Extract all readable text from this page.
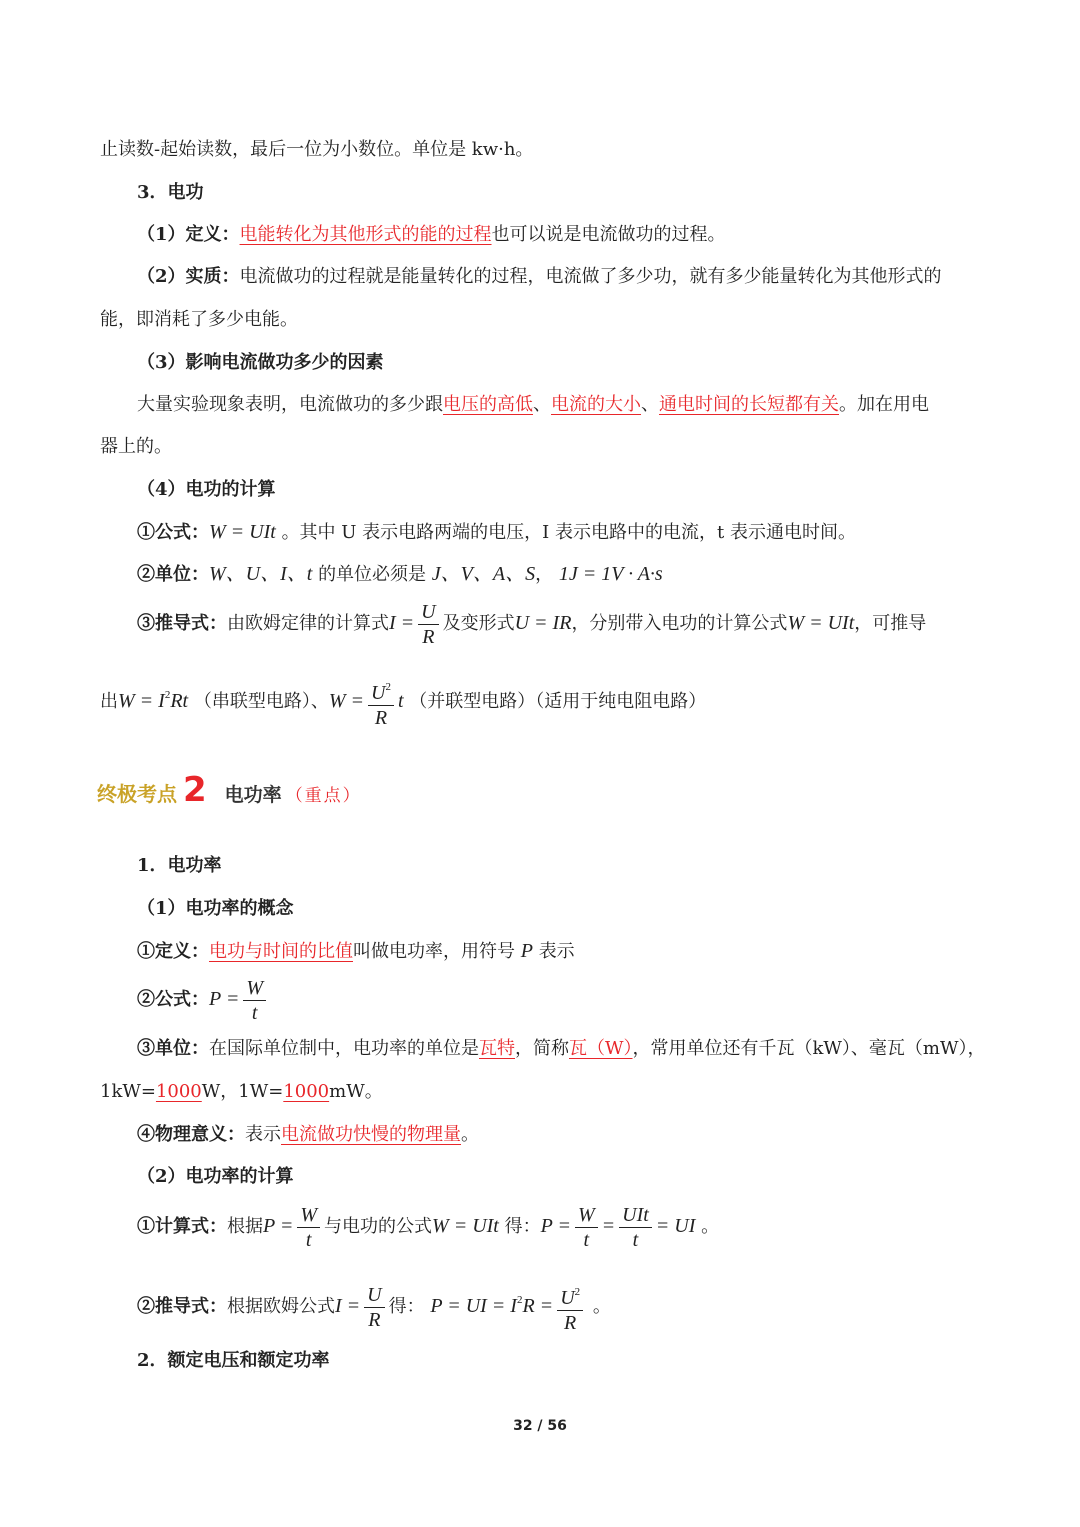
止读数-起始读数，最后一位为小数位。单位是 kw·h。
3．电功
（1）定义：电能转化为其他形式的能的过程也可以说是电流做功的过程。
（2）实质：电流做功的过程就是能量转化的过程，电流做了多少功，就有多少能量转化为其他形式的
能，即消耗了多少电能。
（3）影响电流做功多少的因素
大量实验现象表明，电流做功的多少跟电压的高低、电流的大小、通电时间的长短都有关。加在用电
器上的。
（4）电功的计算
①公式：W = UIt 。其中 U 表示电路两端的电压，I 表示电路中的电流，t 表示通电时间。
②单位：W、U、I、t 的单位必须是 J、V、A、S， 1J = 1V · A·s
③推导式：由欧姆定律的计算式$I = \frac{U}{R}$ 及变形式U = IR，分别带入电功的计算公式W = UIt，可推导
出$W = I^2Rt$ （串联型电路）、$W = \frac{U^2}{R}$ t （并联型电路）（适用于纯电阻电路）
终极考点 2 电功率 （重点）
1．电功率
（1）电功率的概念
①定义：电功与时间的比值叫做电功率，用符号 P 表示
②公式：$P = \frac{W}{t}$
③单位：在国际单位制中，电功率的单位是瓦特，简称瓦（W），常用单位还有千瓦（kW）、毫瓦（mW），
1kW=1000W，1W=1000mW。
④物理意义：表示电流做功快慢的物理量。
（2）电功率的计算
①计算式：根据$P = \frac{W}{t}$ 与电功的公式W = UIt 得：$P = \frac{W}{t} = \frac{\text{UIt}}{t}$ = UI 。
②推导式：根据欧姆公式$I = \frac{U}{R}$ 得： P = UI = $I^2R = \frac{U^2}{R}$ 。
2．额定电压和额定功率
32 / 56
